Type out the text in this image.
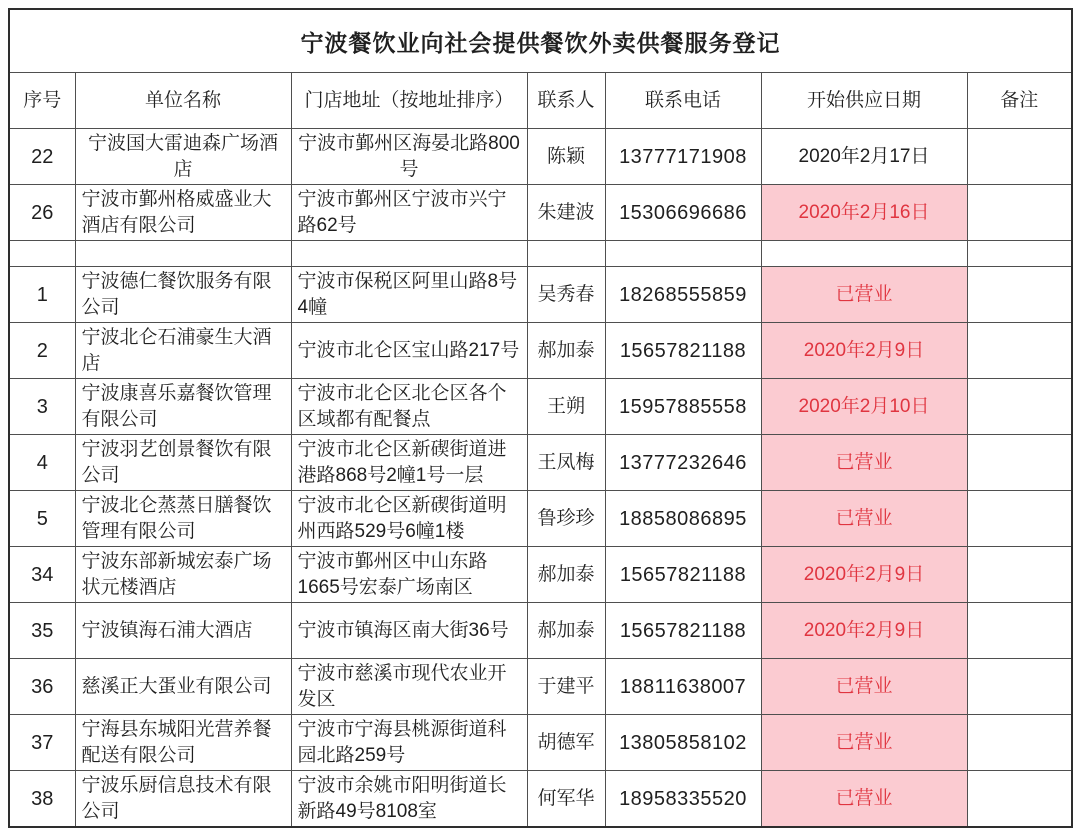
宁波餐饮业向社会提供餐饮外卖供餐服务登记						
序号	单位名称	门店地址（按地址排序）	联系人	联系电话	开始供应日期	备注
22	宁波国大雷迪森广场酒店	宁波市鄞州区海晏北路800号	陈颖	13777171908	2020年2月17日	
26	宁波市鄞州格威盛业大酒店有限公司	宁波市鄞州区宁波市兴宁路62号	朱建波	15306696686	2020年2月16日	

1	宁波德仁餐饮服务有限公司	宁波市保税区阿里山路8号4幢	吴秀春	18268555859	已营业	
2	宁波北仑石浦豪生大酒店	宁波市北仑区宝山路217号	郝加泰	15657821188	2020年2月9日	
3	宁波康喜乐嘉餐饮管理有限公司	宁波市北仑区北仑区各个区域都有配餐点	王朔	15957885558	2020年2月10日	
4	宁波羽艺创景餐饮有限公司	宁波市北仑区新碶街道进港路868号2幢1号一层	王凤梅	13777232646	已营业	
5	宁波北仑蒸蒸日膳餐饮管理有限公司	宁波市北仑区新碶街道明州西路529号6幢1楼	鲁珍珍	18858086895	已营业	
34	宁波东部新城宏泰广场状元楼酒店	宁波市鄞州区中山东路1665号宏泰广场南区	郝加泰	15657821188	2020年2月9日	
35	宁波镇海石浦大酒店	宁波市镇海区南大街36号	郝加泰	15657821188	2020年2月9日	
36	慈溪正大蛋业有限公司	宁波市慈溪市现代农业开发区	于建平	18811638007	已营业	
37	宁海县东城阳光营养餐配送有限公司	宁波市宁海县桃源街道科园北路259号	胡德军	13805858102	已营业	
38	宁波乐厨信息技术有限公司	宁波市余姚市阳明街道长新路49号8108室	何军华	18958335520	已营业	
